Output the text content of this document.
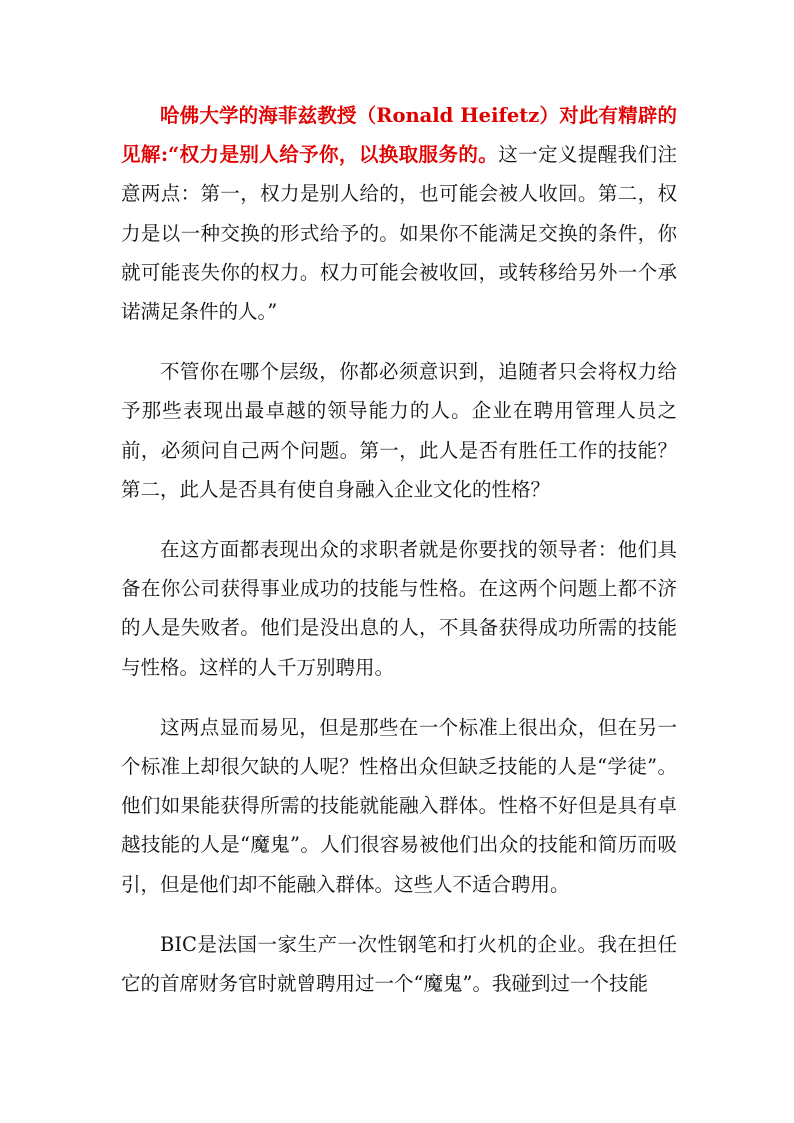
哈佛大学的海菲兹教授（Ronald Heifetz）对此有精辟的见解:“权力是别人给予你，以换取服务的。这一定义提醒我们注意两点：第一，权力是别人给的，也可能会被人收回。第二，权力是以一种交换的形式给予的。如果你不能满足交换的条件，你就可能丧失你的权力。权力可能会被收回，或转移给另外一个承诺满足条件的人。”

不管你在哪个层级，你都必须意识到，追随者只会将权力给予那些表现出最卓越的领导能力的人。企业在聘用管理人员之前，必须问自己两个问题。第一，此人是否有胜任工作的技能？第二，此人是否具有使自身融入企业文化的性格？

在这方面都表现出众的求职者就是你要找的领导者：他们具备在你公司获得事业成功的技能与性格。在这两个问题上都不济的人是失败者。他们是没出息的人，不具备获得成功所需的技能与性格。这样的人千万别聘用。

这两点显而易见，但是那些在一个标准上很出众，但在另一个标准上却很欠缺的人呢？性格出众但缺乏技能的人是“学徒”。他们如果能获得所需的技能就能融入群体。性格不好但是具有卓越技能的人是“魔鬼”。人们很容易被他们出众的技能和简历而吸引，但是他们却不能融入群体。这些人不适合聘用。

BIC是法国一家生产一次性钢笔和打火机的企业。我在担任它的首席财务官时就曾聘用过一个“魔鬼”。我碰到过一个技能
